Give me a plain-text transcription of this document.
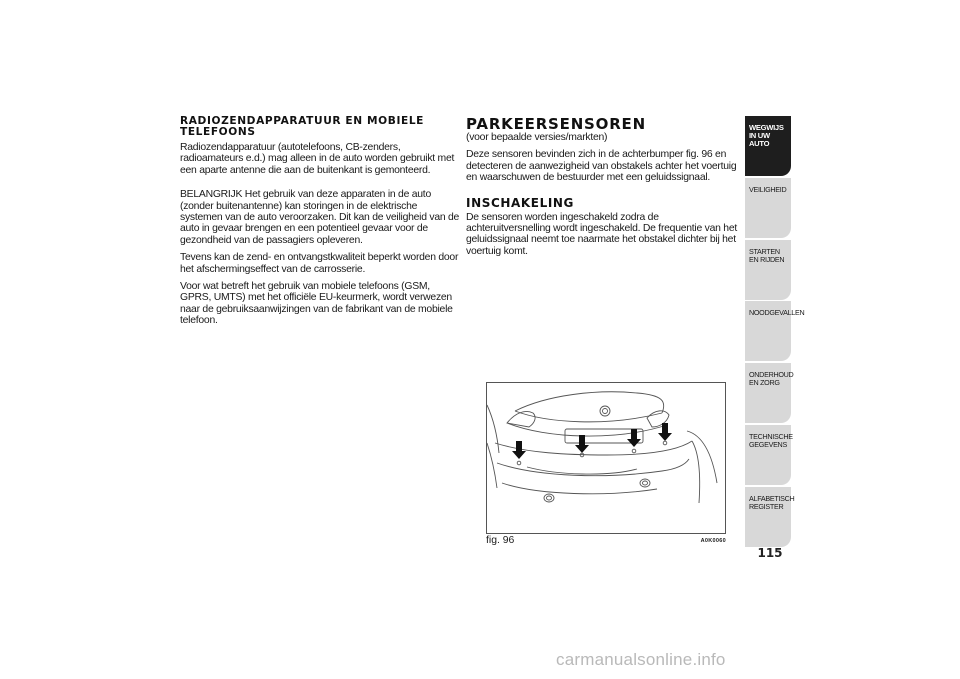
RADIOZENDAPPARATUUR EN MOBIELE TELEFOONS

Radiozendapparatuur (autotelefoons, CB-zenders, radioamateurs e.d.) mag alleen in de auto worden gebruikt met een aparte antenne die aan de buitenkant is gemonteerd.

BELANGRIJK Het gebruik van deze apparaten in de auto (zonder buitenantenne) kan storingen in de elektrische systemen van de auto veroorzaken. Dit kan de veiligheid van de auto in gevaar brengen en een potentieel gevaar voor de gezondheid van de passagiers opleveren.

Tevens kan de zend- en ontvangstkwaliteit beperkt worden door het afschermingseffect van de carrosserie.

Voor wat betreft het gebruik van mobiele telefoons (GSM, GPRS, UMTS) met het officiële EU-keurmerk, wordt verwezen naar de gebruiksaanwijzingen van de fabrikant van de mobiele telefoon.

PARKEERSENSOREN

(voor bepaalde versies/markten)

Deze sensoren bevinden zich in de achterbumper fig. 96 en detecteren de aanwezigheid van obstakels achter het voertuig en waarschuwen de bestuurder met een geluidssignaal.

INSCHAKELING

De sensoren worden ingeschakeld zodra de achteruitversnelling wordt ingeschakeld. De frequentie van het geluidssignaal neemt toe naarmate het obstakel dichter bij het voertuig komt.

fig. 96	A0K0060
WEGWIJS IN UW AUTO
VEILIGHEID
STARTEN EN RIJDEN
NOODGEVALLEN
ONDERHOUD EN ZORG
TECHNISCHE GEGEVENS
ALFABETISCH REGISTER
115
carmanualsonline.info
